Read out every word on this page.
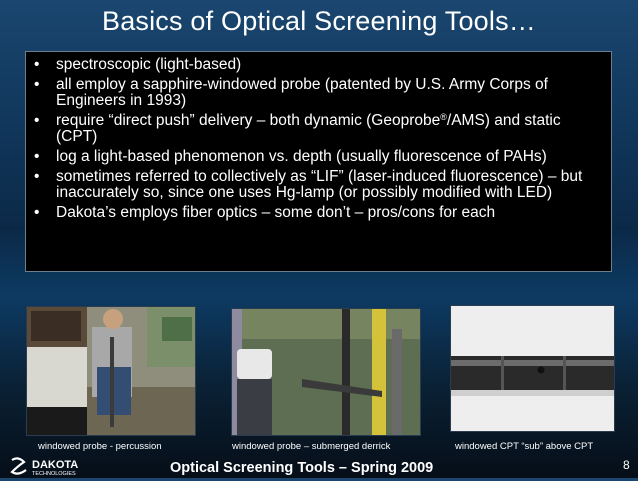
Basics of Optical Screening Tools…
• spectroscopic (light-based)
• all employ a sapphire-windowed probe (patented by U.S. Army Corps of Engineers in 1993)
• require “direct push” delivery – both dynamic (Geoprobe®/AMS) and static (CPT)
• log a light-based phenomenon vs. depth (usually fluorescence of PAHs)
• sometimes referred to collectively as “LIF” (laser-induced fluorescence) – but inaccurately so, since one uses Hg-lamp (or possibly modified with LED)
• Dakota’s employs fiber optics – some don’t – pros/cons for each
windowed probe - percussion	windowed probe – submerged derrick	windowed CPT “sub” above CPT
DAKOTA
TECHNOLOGIES	Optical Screening Tools – Spring 2009	8
